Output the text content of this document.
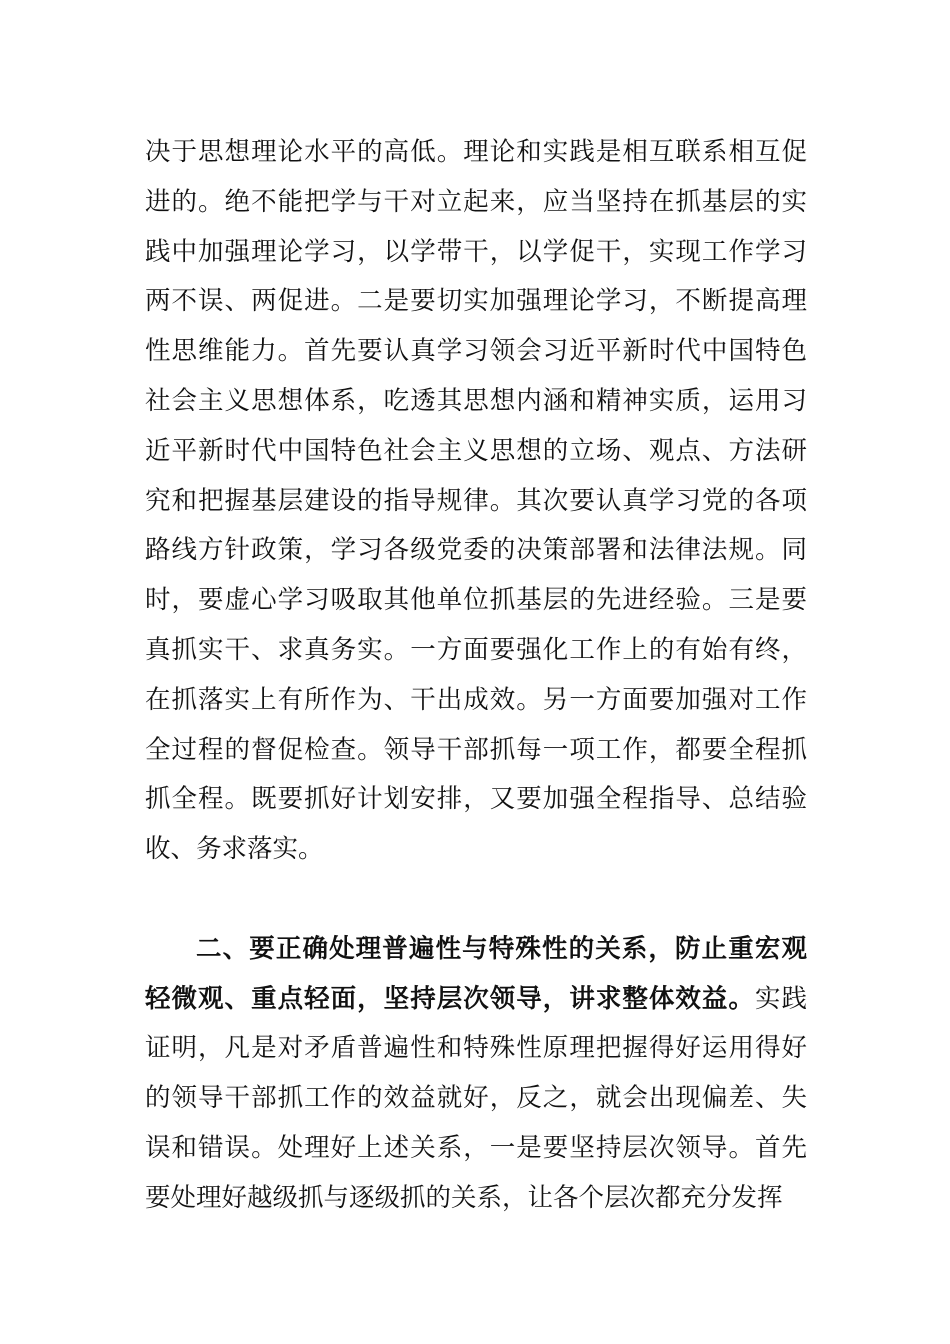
决于思想理论水平的高低。理论和实践是相互联系相互促进的。绝不能把学与干对立起来，应当坚持在抓基层的实践中加强理论学习，以学带干，以学促干，实现工作学习两不误、两促进。二是要切实加强理论学习，不断提高理性思维能力。首先要认真学习领会习近平新时代中国特色社会主义思想体系，吃透其思想内涵和精神实质，运用习近平新时代中国特色社会主义思想的立场、观点、方法研究和把握基层建设的指导规律。其次要认真学习党的各项路线方针政策，学习各级党委的决策部署和法律法规。同时，要虚心学习吸取其他单位抓基层的先进经验。三是要真抓实干、求真务实。一方面要强化工作上的有始有终，在抓落实上有所作为、干出成效。另一方面要加强对工作全过程的督促检查。领导干部抓每一项工作，都要全程抓抓全程。既要抓好计划安排，又要加强全程指导、总结验收、务求落实。

二、要正确处理普遍性与特殊性的关系，防止重宏观轻微观、重点轻面，坚持层次领导，讲求整体效益。实践证明，凡是对矛盾普遍性和特殊性原理把握得好运用得好的领导干部抓工作的效益就好，反之，就会出现偏差、失误和错误。处理好上述关系，一是要坚持层次领导。首先要处理好越级抓与逐级抓的关系，让各个层次都充分发挥
